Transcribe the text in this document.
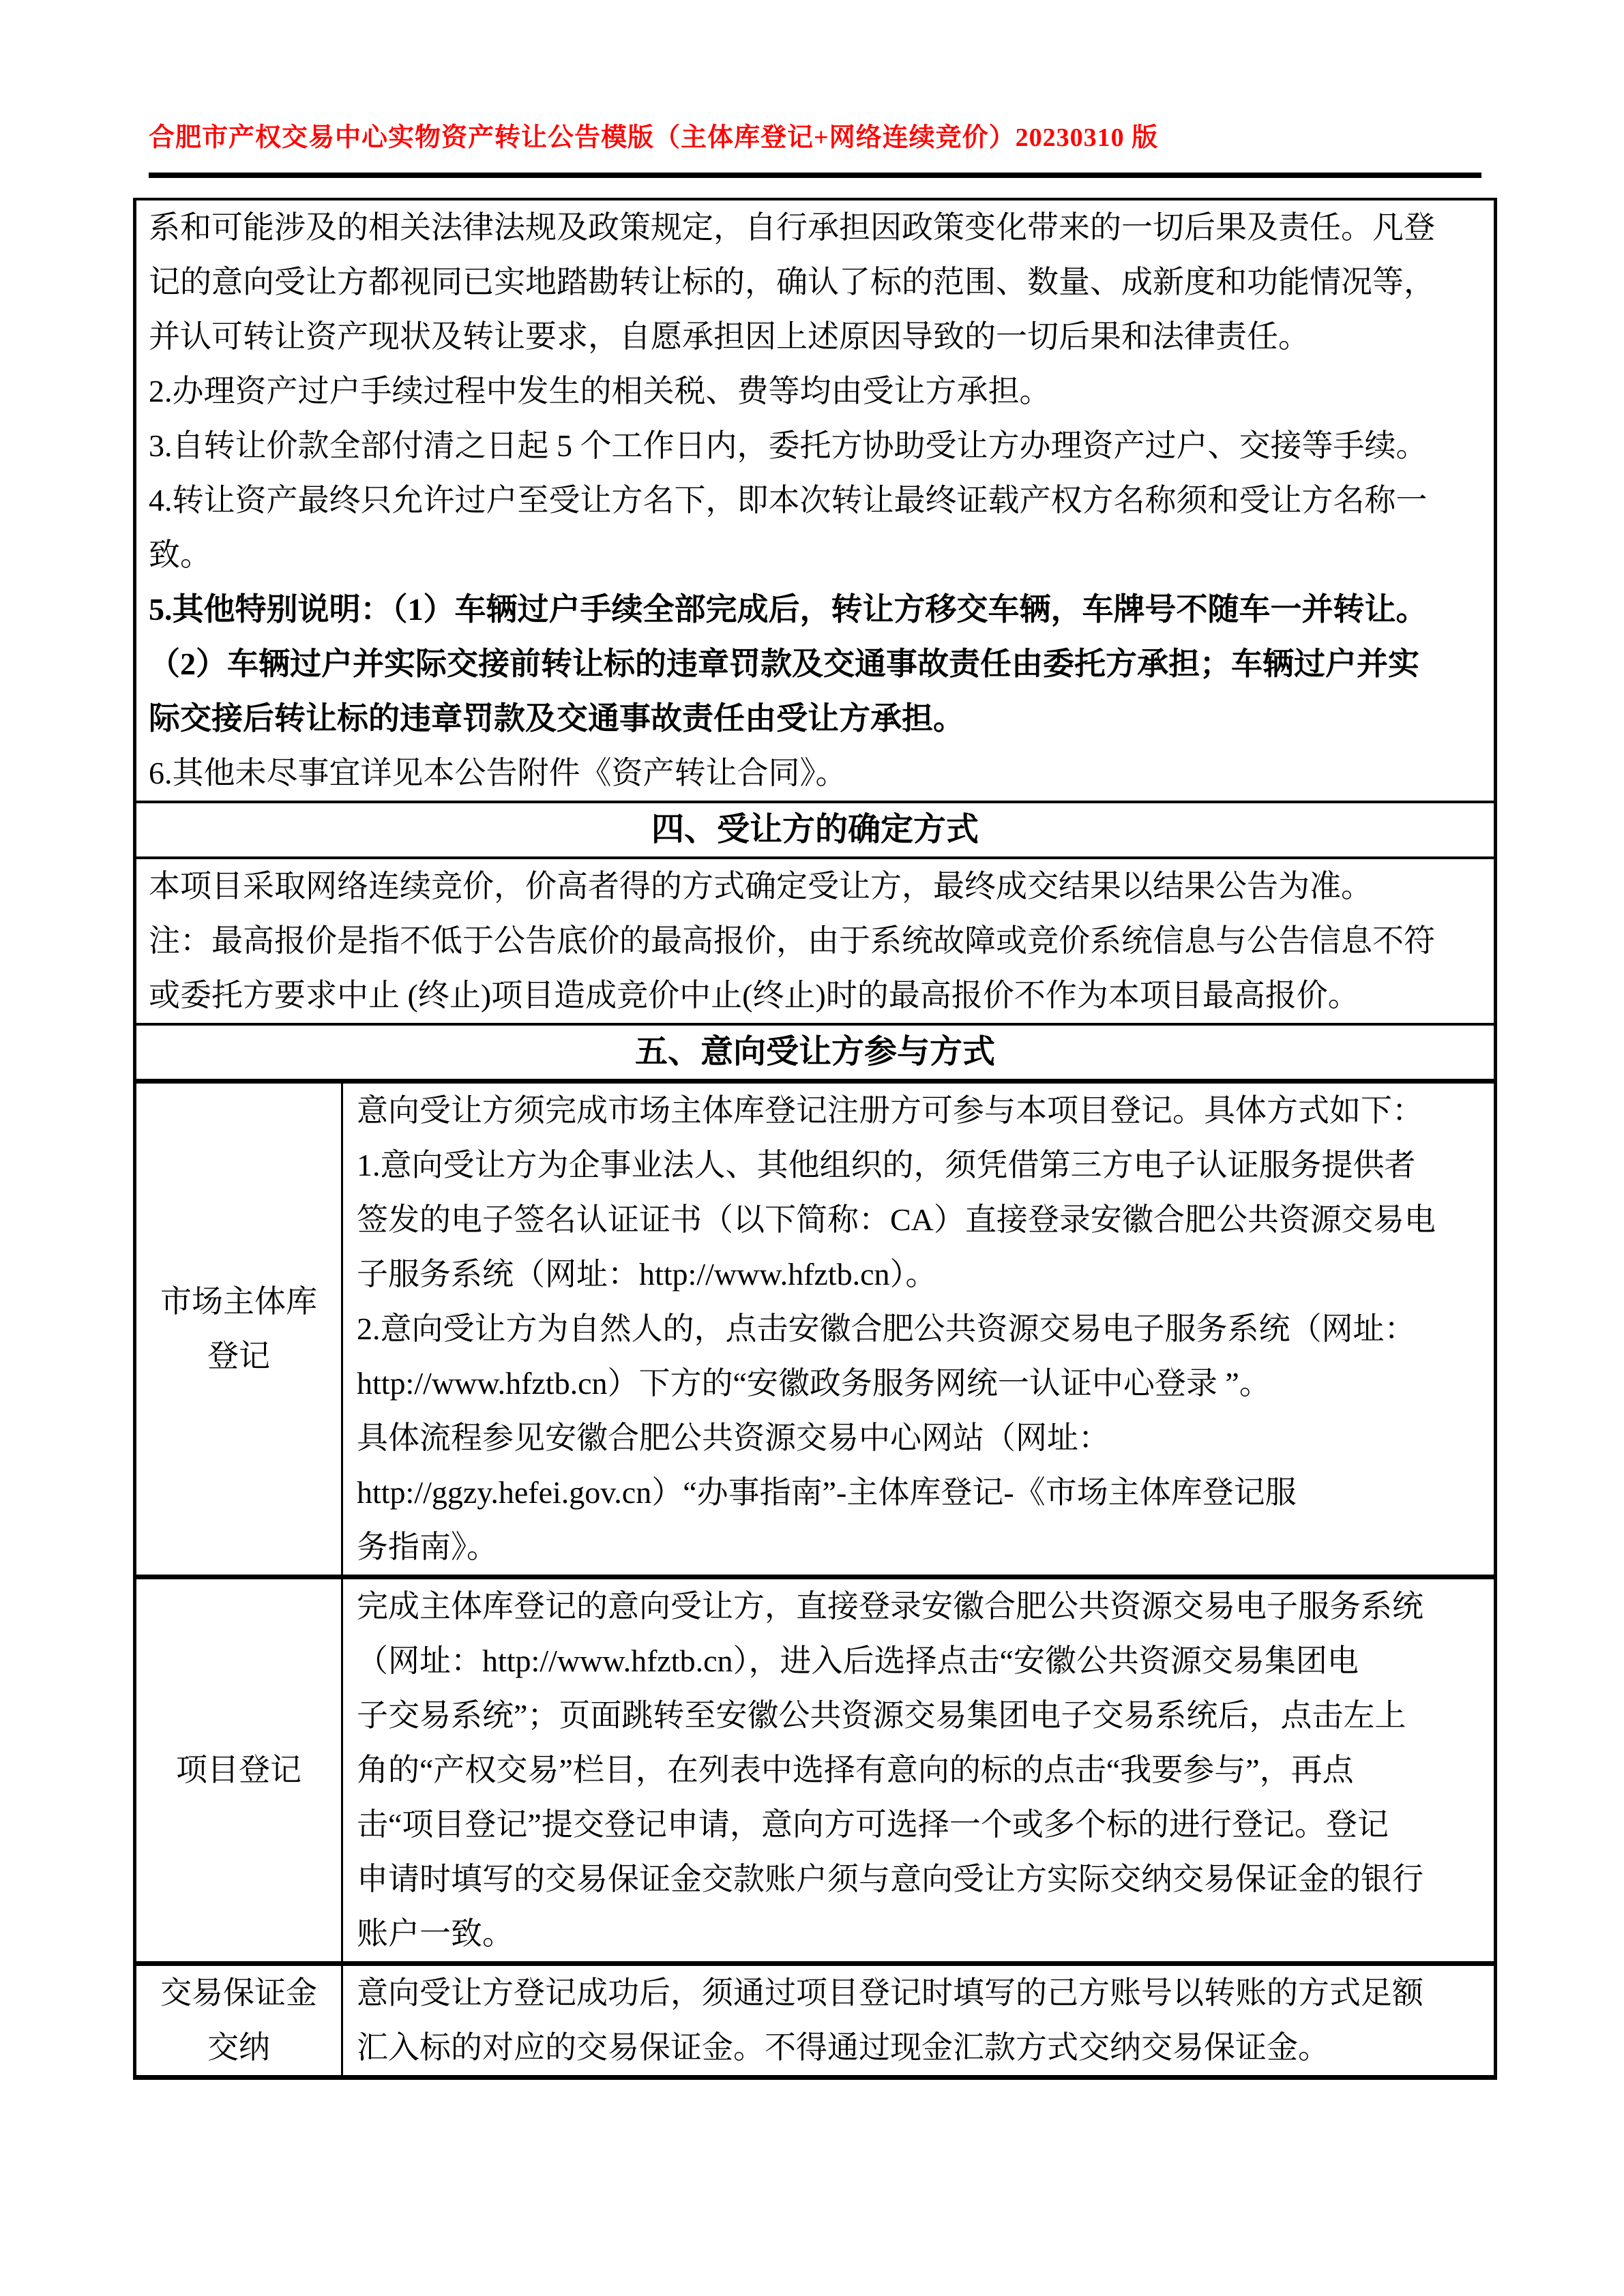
合肥市产权交易中心实物资产转让公告模版（主体库登记+网络连续竞价）20230310 版
系和可能涉及的相关法律法规及政策规定，自行承担因政策变化带来的一切后果及责任。凡登
记的意向受让方都视同已实地踏勘转让标的，确认了标的范围、数量、成新度和功能情况等，
并认可转让资产现状及转让要求，自愿承担因上述原因导致的一切后果和法律责任。
2.办理资产过户手续过程中发生的相关税、费等均由受让方承担。
3.自转让价款全部付清之日起 5 个工作日内，委托方协助受让方办理资产过户、交接等手续。
4.转让资产最终只允许过户至受让方名下，即本次转让最终证载产权方名称须和受让方名称一
致。
5.其他特别说明：（1）车辆过户手续全部完成后，转让方移交车辆，车牌号不随车一并转让。
（2）车辆过户并实际交接前转让标的违章罚款及交通事故责任由委托方承担；车辆过户并实
际交接后转让标的违章罚款及交通事故责任由受让方承担。
6.其他未尽事宜详见本公告附件《资产转让合同》。
四、受让方的确定方式
本项目采取网络连续竞价，价高者得的方式确定受让方，最终成交结果以结果公告为准。
注：最高报价是指不低于公告底价的最高报价，由于系统故障或竞价系统信息与公告信息不符
或委托方要求中止 (终止)项目造成竞价中止(终止)时的最高报价不作为本项目最高报价。
五、意向受让方参与方式
市场主体库
登记
意向受让方须完成市场主体库登记注册方可参与本项目登记。具体方式如下：
1.意向受让方为企事业法人、其他组织的，须凭借第三方电子认证服务提供者
签发的电子签名认证证书（以下简称：CA）直接登录安徽合肥公共资源交易电
子服务系统（网址：http://www.hfztb.cn）。
2.意向受让方为自然人的，点击安徽合肥公共资源交易电子服务系统（网址：
http://www.hfztb.cn）下方的“安徽政务服务网统一认证中心登录 ”。
具体流程参见安徽合肥公共资源交易中心网站（网址：
http://ggzy.hefei.gov.cn）“办事指南”-主体库登记-《市场主体库登记服
务指南》。
项目登记
完成主体库登记的意向受让方，直接登录安徽合肥公共资源交易电子服务系统
（网址：http://www.hfztb.cn），进入后选择点击“安徽公共资源交易集团电
子交易系统”；页面跳转至安徽公共资源交易集团电子交易系统后，点击左上
角的“产权交易”栏目，在列表中选择有意向的标的点击“我要参与”，再点
击“项目登记”提交登记申请，意向方可选择一个或多个标的进行登记。登记
申请时填写的交易保证金交款账户须与意向受让方实际交纳交易保证金的银行
账户一致。
交易保证金
交纳
意向受让方登记成功后，须通过项目登记时填写的己方账号以转账的方式足额
汇入标的对应的交易保证金。不得通过现金汇款方式交纳交易保证金。
